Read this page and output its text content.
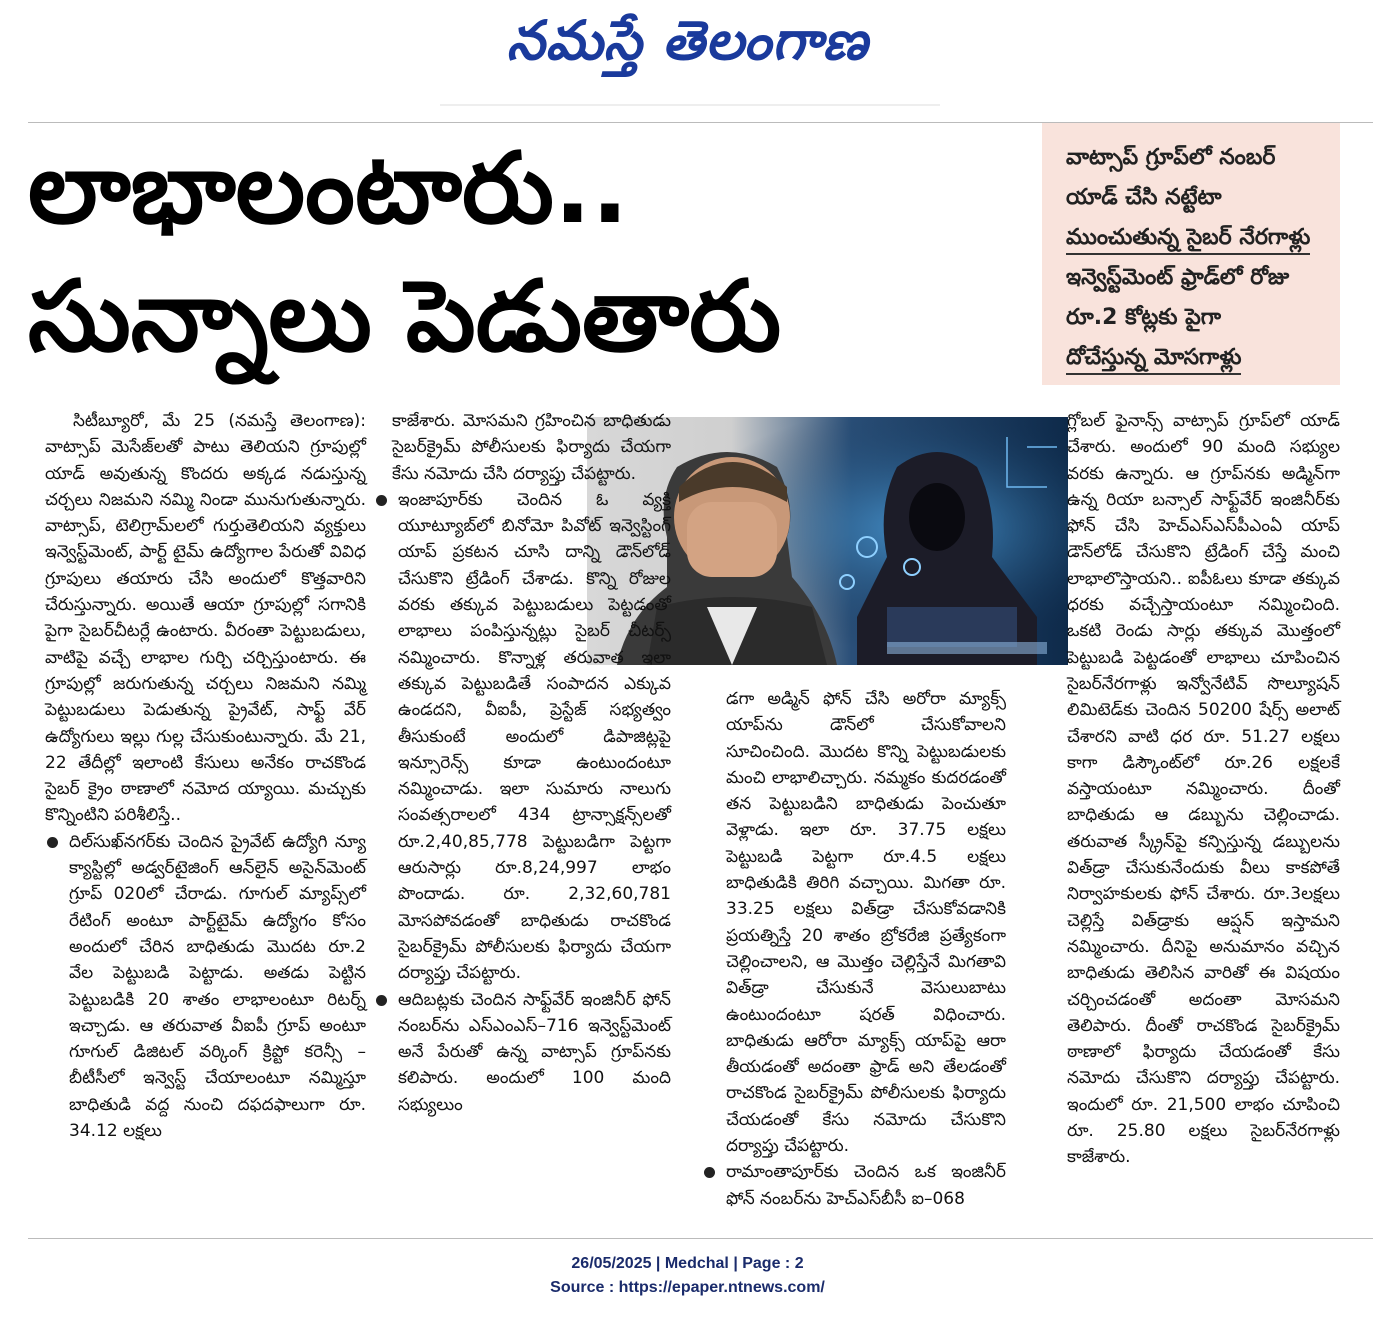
నమస్తే తెలంగాణ
లాభాలంటారు..
సున్నాలు పెడుతారు
వాట్సాప్ గ్రూప్‌లో నంబర్
యాడ్ చేసి నట్టేటా
ముంచుతున్న సైబర్ నేరగాళ్లు
ఇన్వెస్ట్‌మెంట్ ఫ్రాడ్‌లో రోజు
రూ.2 కోట్లకు పైగా
దోచేస్తున్న మోసగాళ్లు

సిటీబ్యూరో, మే 25 (నమస్తే తెలంగాణ): వాట్సాప్ మెసేజ్‌లతో పాటు తెలియని గ్రూపుల్లో యాడ్ అవుతున్న కొందరు అక్కడ నడుస్తున్న చర్చలు నిజమని నమ్మి నిండా మునుగుతున్నారు. వాట్సాప్, టెలిగ్రామ్‌లలో గుర్తుతెలియని వ్యక్తులు ఇన్వెస్ట్‌మెంట్, పార్ట్ టైమ్ ఉద్యోగాల పేరుతో వివిధ గ్రూపులు తయారు చేసి అందులో కొత్తవారిని చేరుస్తున్నారు. అయితే ఆయా గ్రూపుల్లో సగానికి పైగా సైబర్‌చీటర్లే ఉంటారు. వీరంతా పెట్టుబడులు, వాటిపై వచ్చే లాభాల గుర్చి చర్చిస్తుంటారు. ఈ గ్రూపుల్లో జరుగుతున్న చర్చలు నిజమని నమ్మి పెట్టుబడులు పెడుతున్న ప్రైవేట్, సాఫ్ట్ వేర్ ఉద్యోగులు ఇల్లు గుల్ల చేసుకుంటున్నారు. మే 21, 22 తేదీల్లో ఇలాంటి కేసులు అనేకం రాచకొండ సైబర్ క్రైం ఠాణాలో నమోద య్యాయి. మచ్చుకు కొన్నింటిని పరిశీలిస్తే..

దిల్‌సుఖ్‌నగర్‌కు చెందిన ప్రైవేట్ ఉద్యోగి న్యూ క్యాస్టిల్లో అడ్వర్‌టైజింగ్ ఆన్‌లైన్ అసైన్‌మెంట్ గ్రూప్ 020లో చేరాడు. గూగుల్ మ్యాప్స్‌లో రేటింగ్ అంటూ పార్ట్‌టైమ్ ఉద్యోగం కోసం అందులో చేరిన బాధితుడు మొదట రూ.2 వేల పెట్టుబడి పెట్టాడు. అతడు పెట్టిన పెట్టుబడికి 20 శాతం లాభాలంటూ రిటర్న్ ఇచ్చాడు. ఆ తరువాత వీఐపీ గ్రూప్ అంటూ గూగుల్ డిజిటల్ వర్కింగ్ క్రిప్టో కరెన్సీ – బీటీసీలో ఇన్వెస్ట్ చేయాలంటూ నమ్మిస్తూ బాధితుడి వద్ద నుంచి దఫదఫాలుగా రూ. 34.12 లక్షలు

కాజేశారు. మోసమని గ్రహించిన బాధితుడు సైబర్‌క్రైమ్ పోలీసులకు ఫిర్యాదు చేయగా కేసు నమోదు చేసి దర్యాప్తు చేపట్టారు.

ఇంజాపూర్‌కు చెందిన ఓ వ్యక్తి యూట్యూబ్‌లో బినోమో పివోట్ ఇన్వెస్టింగ్ యాప్ ప్రకటన చూసి దాన్ని డౌన్‌లోడ్ చేసుకొని ట్రేడింగ్ చేశాడు. కొన్ని రోజుల వరకు తక్కువ పెట్టుబడులు పెట్టడంతో లాభాలు పంపిస్తున్నట్లు సైబర్ చీటర్స్ నమ్మించారు. కొన్నాళ్ల తరువాత ఇలా తక్కువ పెట్టుబడితే సంపాదన ఎక్కువ ఉండదని, వీఐపీ, ప్రెస్టేజ్ సభ్యత్వం తీసుకుంటే అందులో డిపాజిట్లపై ఇన్సూరెన్స్ కూడా ఉంటుందంటూ నమ్మించాడు. ఇలా సుమారు నాలుగు సంవత్సరాలలో 434 ట్రాన్సాక్షన్స్‌లతో రూ.2,40,85,778 పెట్టుబడిగా పెట్టగా ఆరుసార్లు రూ.8,24,997 లాభం పొందాడు. రూ. 2,32,60,781 మోసపోవడంతో బాధితుడు రాచకొండ సైబర్‌క్రైమ్ పోలీసులకు ఫిర్యాదు చేయగా దర్యాప్తు చేపట్టారు.

ఆదిబట్లకు చెందిన సాఫ్ట్‌వేర్ ఇంజినీర్ ఫోన్ నంబర్‌ను ఎస్ఎంఎస్–716 ఇన్వెస్ట్‌మెంట్ అనే పేరుతో ఉన్న వాట్సాప్ గ్రూప్‌నకు కలిపారు. అందులో 100 మంది సభ్యులుం

డగా అడ్మిన్ ఫోన్ చేసి అరోరా మ్యాక్స్ యాప్‌ను డౌన్‌లో చేసుకోవాలని సూచించింది. మొదట కొన్ని పెట్టుబడులకు మంచి లాభాలిచ్చారు. నమ్మకం కుదరడంతో తన పెట్టుబడిని బాధితుడు పెంచుతూ వెళ్లాడు. ఇలా రూ. 37.75 లక్షలు పెట్టుబడి పెట్టగా రూ.4.5 లక్షలు బాధితుడికి తిరిగి వచ్చాయి. మిగతా రూ. 33.25 లక్షలు విత్‌డ్రా చేసుకోవడానికి ప్రయత్నిస్తే 20 శాతం బ్రోకరేజి ప్రత్యేకంగా చెల్లించాలని, ఆ మొత్తం చెల్లిస్తేనే మిగతావి విత్‌డ్రా చేసుకునే వెసులుబాటు ఉంటుందంటూ షరత్ విధించారు. బాధితుడు ఆరోరా మ్యాక్స్ యాప్‌పై ఆరా తీయడంతో అదంతా ఫ్రాడ్ అని తేలడంతో రాచకొండ సైబర్‌క్రైమ్ పోలీసులకు ఫిర్యాదు చేయడంతో కేసు నమోదు చేసుకొని దర్యాప్తు చేపట్టారు.

రామాంతాపూర్‌కు చెందిన ఒక ఇంజినీర్ ఫోన్ నంబర్‌ను హెచ్ఎస్‌బీసీ ఐ–068

గ్లోబల్ ఫైనాన్స్ వాట్సాప్ గ్రూప్‌లో యాడ్ చేశారు. అందులో 90 మంది సభ్యుల వరకు ఉన్నారు. ఆ గ్రూప్‌నకు అడ్మిన్‌గా ఉన్న రియా బన్సాల్ సాఫ్ట్‌వేర్ ఇంజినీర్‌కు ఫోన్ చేసి హెచ్ఎస్ఎస్‌పీఎంఏ యాప్ డౌన్‌లోడ్ చేసుకొని ట్రేడింగ్ చేస్తే మంచి లాభాలొస్తాయని.. ఐపీఓలు కూడా తక్కువ ధరకు వచ్చేస్తాయంటూ నమ్మించింది. ఒకటి రెండు సార్లు తక్కువ మొత్తంలో పెట్టుబడి పెట్టడంతో లాభాలు చూపించిన సైబర్‌నేరగాళ్లు ఇన్వోనేటివ్ సొల్యూషన్ లిమిటెడ్‌కు చెందిన 50200 షేర్స్ అలాట్ చేశారని వాటి ధర రూ. 51.27 లక్షలు కాగా డిస్కౌంట్‌లో రూ.26 లక్షలకే వస్తాయంటూ నమ్మించారు. దీంతో బాధితుడు ఆ డబ్బును చెల్లించాడు. తరువాత స్క్రీన్‌పై కన్పిస్తున్న డబ్బులను విత్‌డ్రా చేసుకునేందుకు వీలు కాకపోతే నిర్వాహకులకు ఫోన్ చేశారు. రూ.3లక్షలు చెల్లిస్తే విత్‌డ్రాకు ఆప్షన్ ఇస్తామని నమ్మించారు. దీనిపై అనుమానం వచ్చిన బాధితుడు తెలిసిన వారితో ఈ విషయం చర్చించడంతో అదంతా మోసమని తెలిపారు. దీంతో రాచకొండ సైబర్‌క్రైమ్ ఠాణాలో ఫిర్యాదు చేయడంతో కేసు నమోదు చేసుకొని దర్యాప్తు చేపట్టారు. ఇందులో రూ. 21,500 లాభం చూపించి రూ. 25.80 లక్షలు సైబర్‌నేరగాళ్లు కాజేశారు.

26/05/2025 | Medchal | Page : 2
Source : https://epaper.ntnews.com/
